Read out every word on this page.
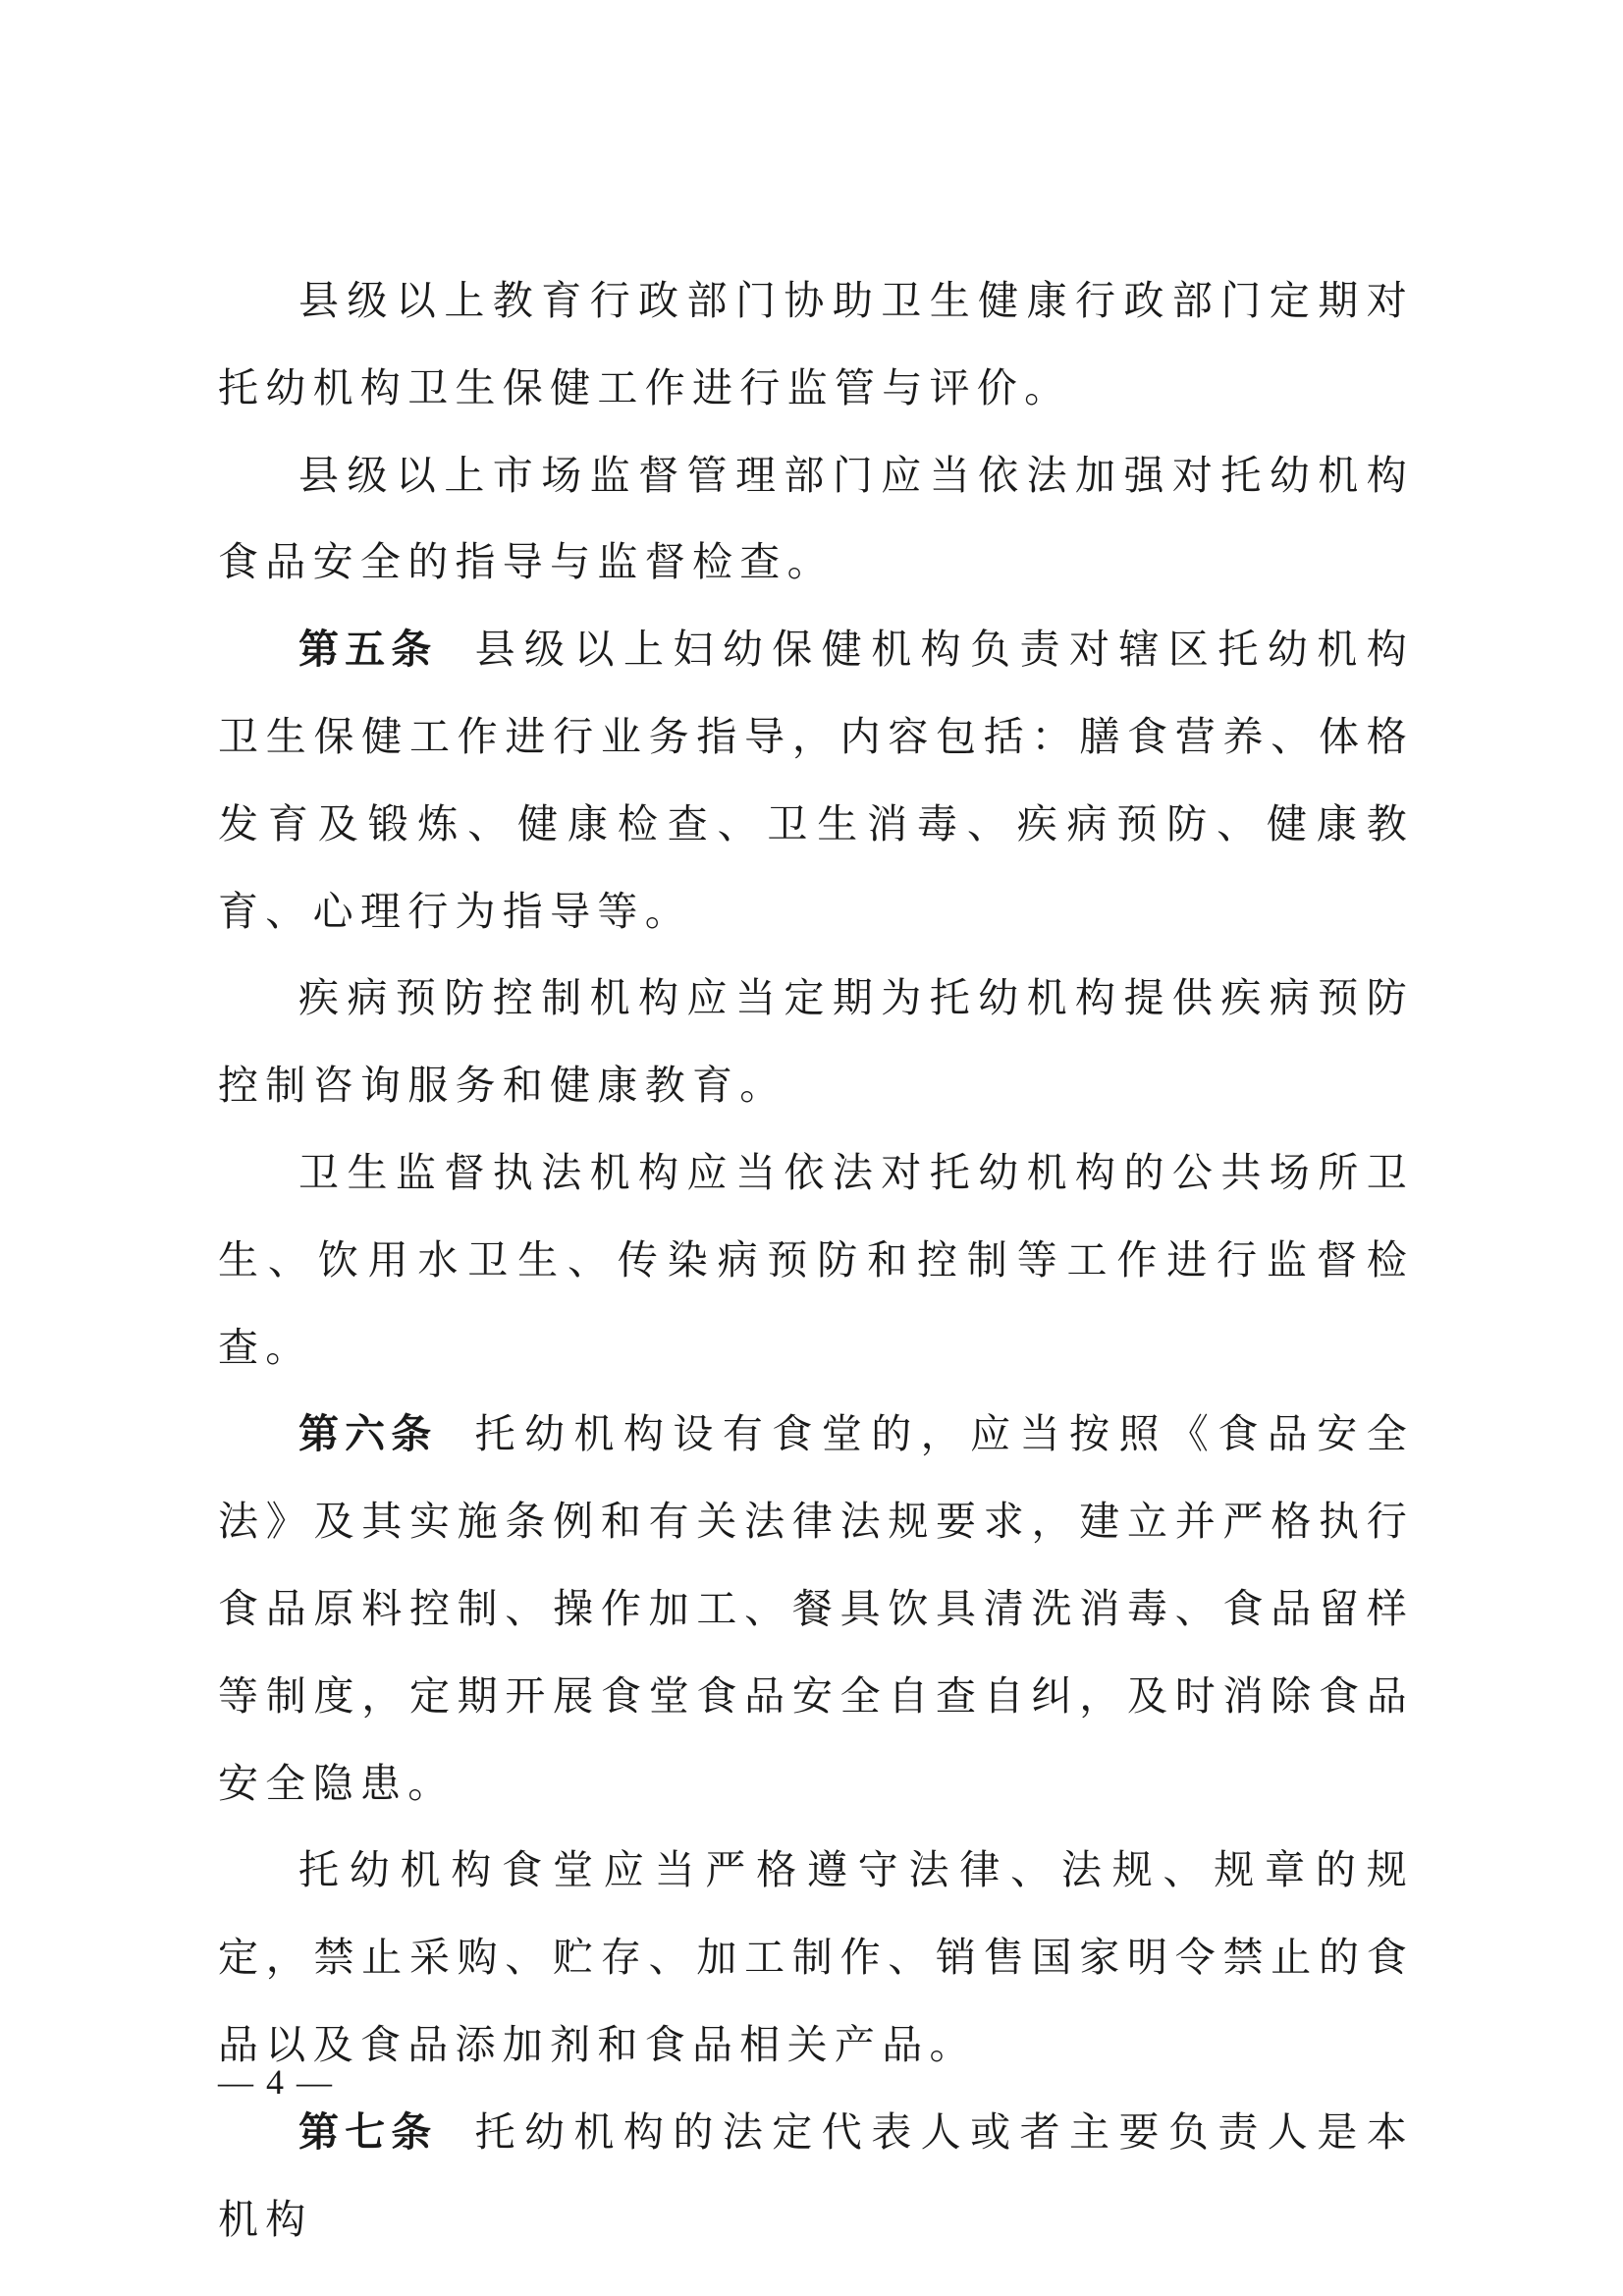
县级以上教育行政部门协助卫生健康行政部门定期对托幼机构卫生保健工作进行监管与评价。

县级以上市场监督管理部门应当依法加强对托幼机构食品安全的指导与监督检查。

第五条 县级以上妇幼保健机构负责对辖区托幼机构卫生保健工作进行业务指导，内容包括：膳食营养、体格发育及锻炼、健康检查、卫生消毒、疾病预防、健康教育、心理行为指导等。

疾病预防控制机构应当定期为托幼机构提供疾病预防控制咨询服务和健康教育。

卫生监督执法机构应当依法对托幼机构的公共场所卫生、饮用水卫生、传染病预防和控制等工作进行监督检查。

第六条 托幼机构设有食堂的，应当按照《食品安全法》及其实施条例和有关法律法规要求，建立并严格执行食品原料控制、操作加工、餐具饮具清洗消毒、食品留样等制度，定期开展食堂食品安全自查自纠，及时消除食品安全隐患。

托幼机构食堂应当严格遵守法律、法规、规章的规定，禁止采购、贮存、加工制作、销售国家明令禁止的食品以及食品添加剂和食品相关产品。

第七条 托幼机构的法定代表人或者主要负责人是本机构

— 4 —
